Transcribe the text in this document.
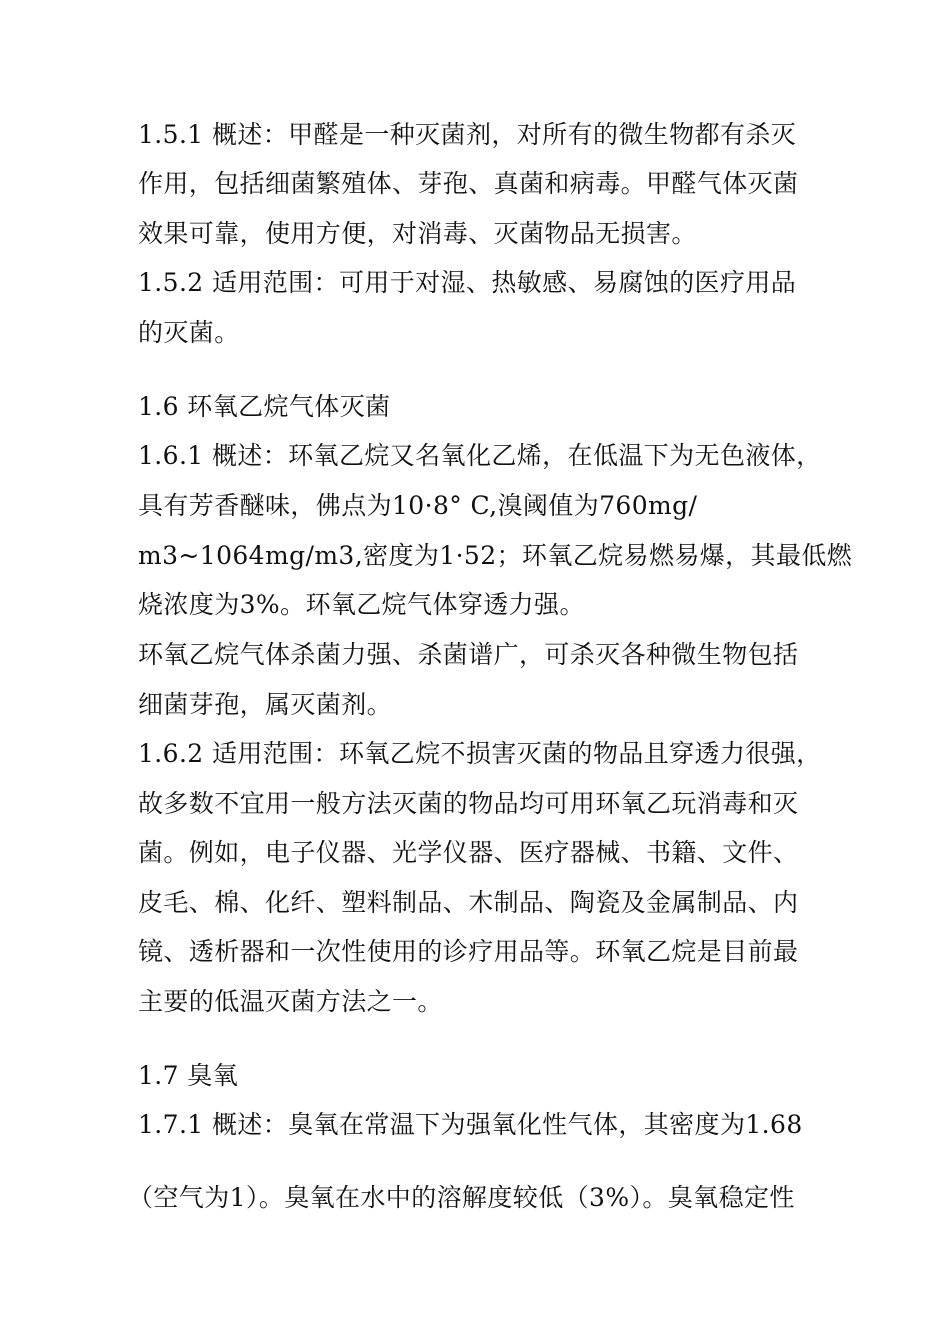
1.5.1 概述：甲醛是一种灭菌剂，对所有的微生物都有杀灭
作用，包括细菌繁殖体、芽孢、真菌和病毒。甲醛气体灭菌
效果可靠，使用方便，对消毒、灭菌物品无损害。
1.5.2 适用范围：可用于对湿、热敏感、易腐蚀的医疗用品
的灭菌。
1.6 环氧乙烷气体灭菌
1.6.1 概述：环氧乙烷又名氧化乙烯，在低温下为无色液体，
具有芳香醚味，佛点为10·8° C,溴阈值为760mg/
m3~1064mg/m3,密度为1·52；环氧乙烷易燃易爆，其最低燃
烧浓度为3%。环氧乙烷气体穿透力强。
环氧乙烷气体杀菌力强、杀菌谱广，可杀灭各种微生物包括
细菌芽孢，属灭菌剂。
1.6.2 适用范围：环氧乙烷不损害灭菌的物品且穿透力很强，
故多数不宜用一般方法灭菌的物品均可用环氧乙玩消毒和灭
菌。例如，电子仪器、光学仪器、医疗器械、书籍、文件、
皮毛、棉、化纤、塑料制品、木制品、陶瓷及金属制品、内
镜、透析器和一次性使用的诊疗用品等。环氧乙烷是目前最
主要的低温灭菌方法之一。
1.7 臭氧
1.7.1 概述：臭氧在常温下为强氧化性气体，其密度为1.68
（空气为1）。臭氧在水中的溶解度较低（3%）。臭氧稳定性
